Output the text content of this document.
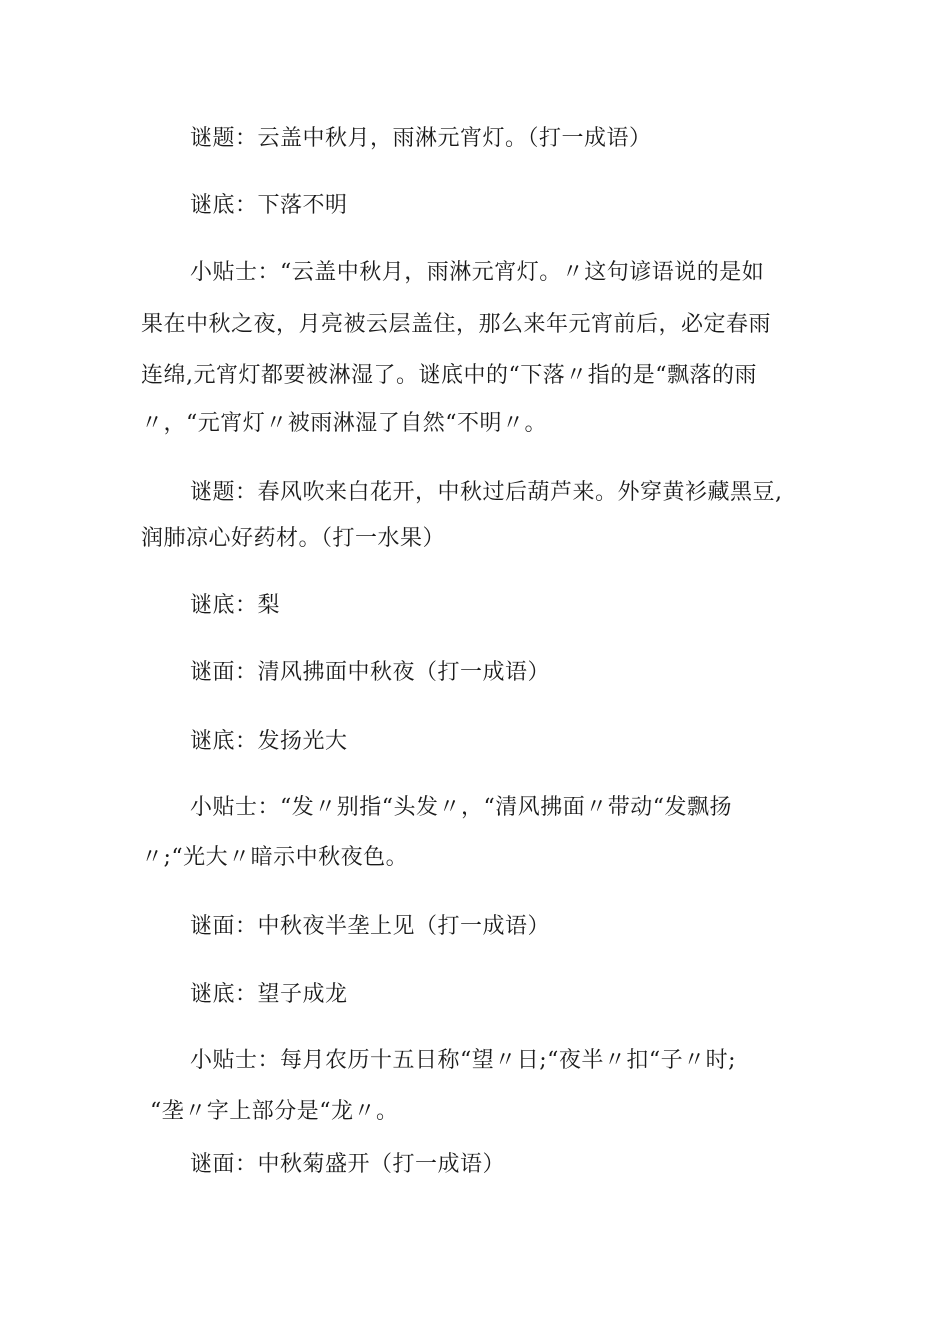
谜题：云盖中秋月，雨淋元宵灯。（打一成语）
谜底：下落不明
小贴士：“云盖中秋月，雨淋元宵灯。〃这句谚语说的是如
果在中秋之夜，月亮被云层盖住，那么来年元宵前后，必定春雨
连绵,元宵灯都要被淋湿了。谜底中的“下落〃指的是“飘落的雨
〃，“元宵灯〃被雨淋湿了自然“不明〃。
谜题：春风吹来白花开，中秋过后葫芦来。外穿黄衫藏黑豆,
润肺凉心好药材。（打一水果）
谜底：梨
谜面：清风拂面中秋夜（打一成语）
谜底：发扬光大
小贴士：“发〃别指“头发〃，“清风拂面〃带动“发飘扬
〃;“光大〃暗示中秋夜色。
谜面：中秋夜半垄上见（打一成语）
谜底：望子成龙
小贴士：每月农历十五日称“望〃日;“夜半〃扣“子〃时;
“垄〃字上部分是“龙〃。
谜面：中秋菊盛开（打一成语）
